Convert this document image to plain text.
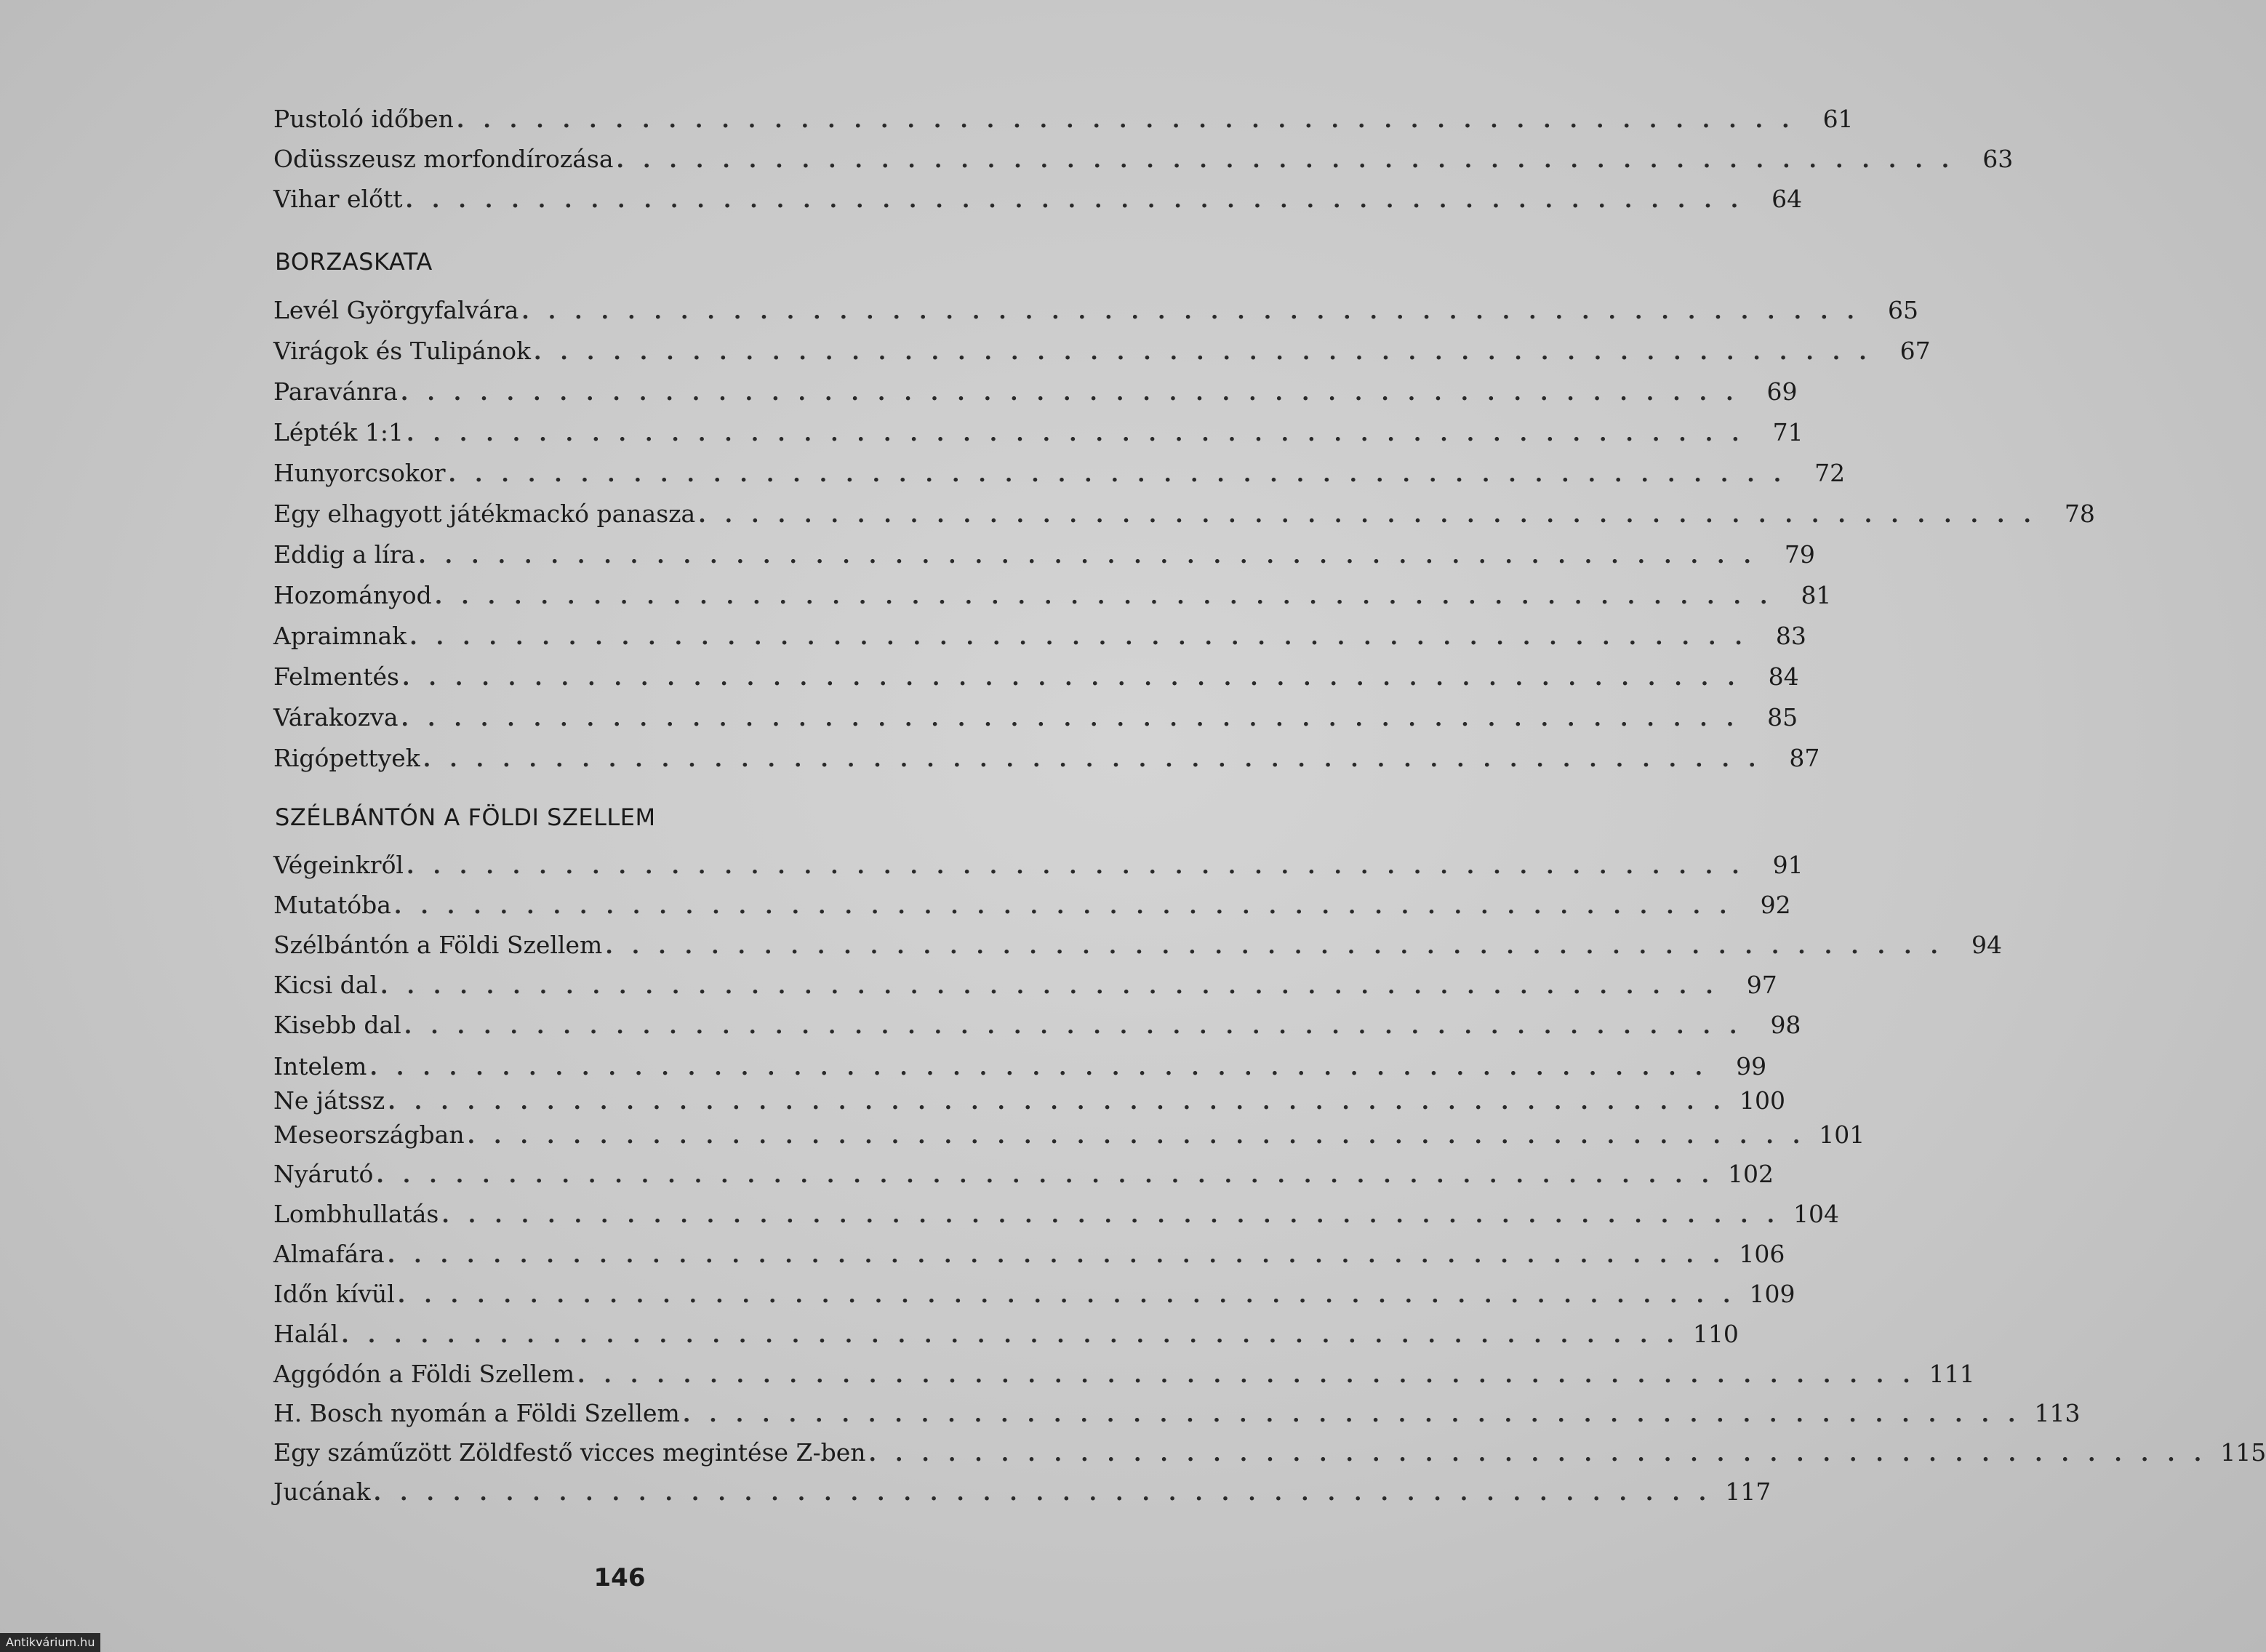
Pustoló időben ................................................... 61
Odüsszeusz morfondírozása ................................................... 63
Vihar előtt ................................................... 64
BORZASKATA
Levél Györgyfalvára ................................................... 65
Virágok és Tulipánok ................................................... 67
Paravánra ................................................... 69
Lépték 1:1 ................................................... 71
Hunyorcsokor ................................................... 72
Egy elhagyott játékmackó panasza ................................................... 78
Eddig a líra ................................................... 79
Hozományod ................................................... 81
Apraimnak ................................................... 83
Felmentés ................................................... 84
Várakozva ................................................... 85
Rigópettyek ................................................... 87
SZÉLBÁNTÓN A FÖLDI SZELLEM
Végeinkről ................................................... 91
Mutatóba ................................................... 92
Szélbántón a Földi Szellem ................................................... 94
Kicsi dal ................................................... 97
Kisebb dal ................................................... 98
Intelem ................................................... 99
Ne játssz ................................................... 100
Meseországban ................................................... 101
Nyárutó ................................................... 102
Lombhullatás ................................................... 104
Almafára ................................................... 106
Időn kívül ................................................... 109
Halál ................................................... 110
Aggódón a Földi Szellem ................................................... 111
H. Bosch nyomán a Földi Szellem ................................................... 113
Egy száműzött Zöldfestő vicces megintése Z-ben ................................................... 115
Jucának ................................................... 117
146
Antikvárium.hu
